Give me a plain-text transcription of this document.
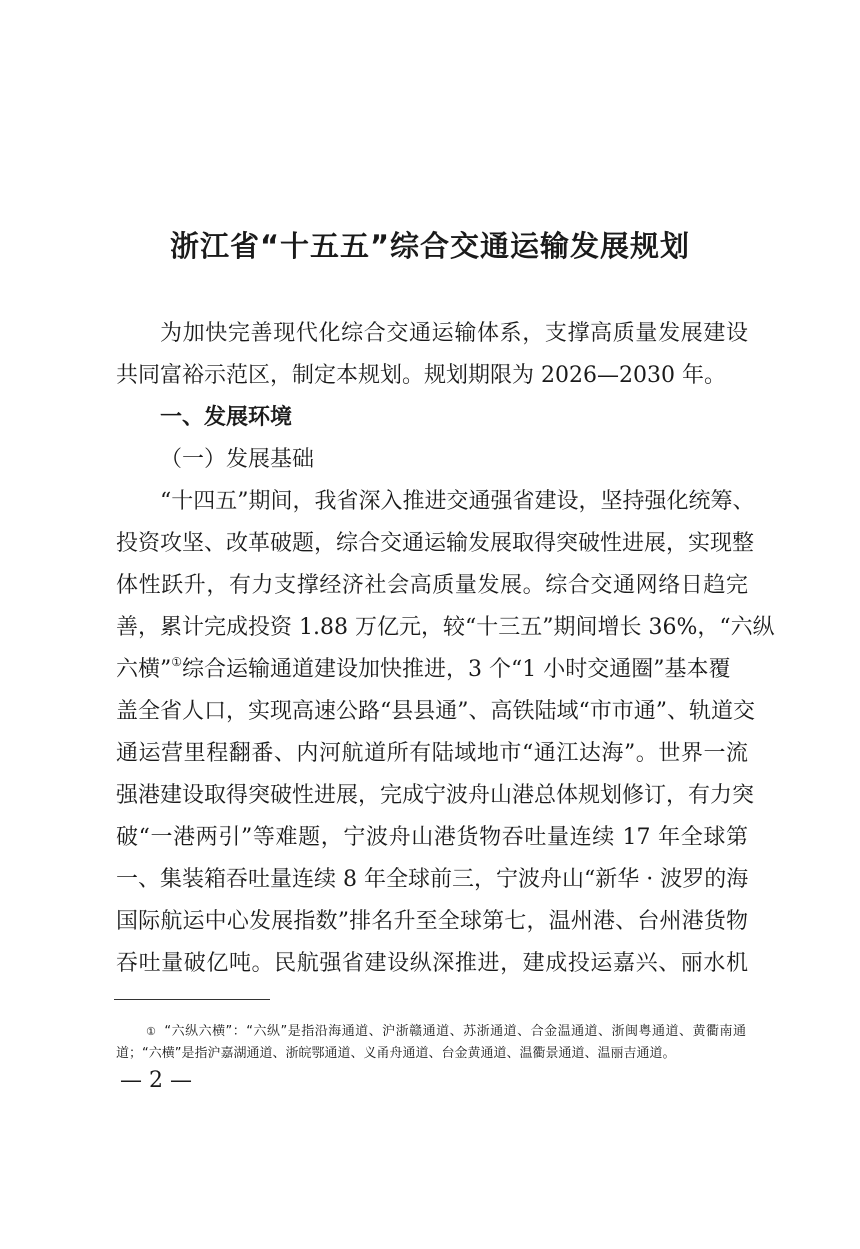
浙江省“十五五”综合交通运输发展规划
为加快完善现代化综合交通运输体系，支撑高质量发展建设
共同富裕示范区，制定本规划。规划期限为 2026—2030 年。
一、发展环境
（一）发展基础
“十四五”期间，我省深入推进交通强省建设，坚持强化统筹、
投资攻坚、改革破题，综合交通运输发展取得突破性进展，实现整
体性跃升，有力支撑经济社会高质量发展。综合交通网络日趋完
善，累计完成投资 1.88 万亿元，较“十三五”期间增长 36%，“六纵
六横”①综合运输通道建设加快推进，3 个“1 小时交通圈”基本覆
盖全省人口，实现高速公路“县县通”、高铁陆域“市市通”、轨道交
通运营里程翻番、内河航道所有陆域地市“通江达海”。世界一流
强港建设取得突破性进展，完成宁波舟山港总体规划修订，有力突
破“一港两引”等难题，宁波舟山港货物吞吐量连续 17 年全球第
一、集装箱吞吐量连续 8 年全球前三，宁波舟山“新华 · 波罗的海
国际航运中心发展指数”排名升至全球第七，温州港、台州港货物
吞吐量破亿吨。民航强省建设纵深推进，建成投运嘉兴、丽水机
① “六纵六横”：“六纵”是指沿海通道、沪浙赣通道、苏浙通道、合金温通道、浙闽粤通道、黄衢南通
道；“六横”是指沪嘉湖通道、浙皖鄂通道、义甬舟通道、台金黄通道、温衢景通道、温丽吉通道。
— 2 —
